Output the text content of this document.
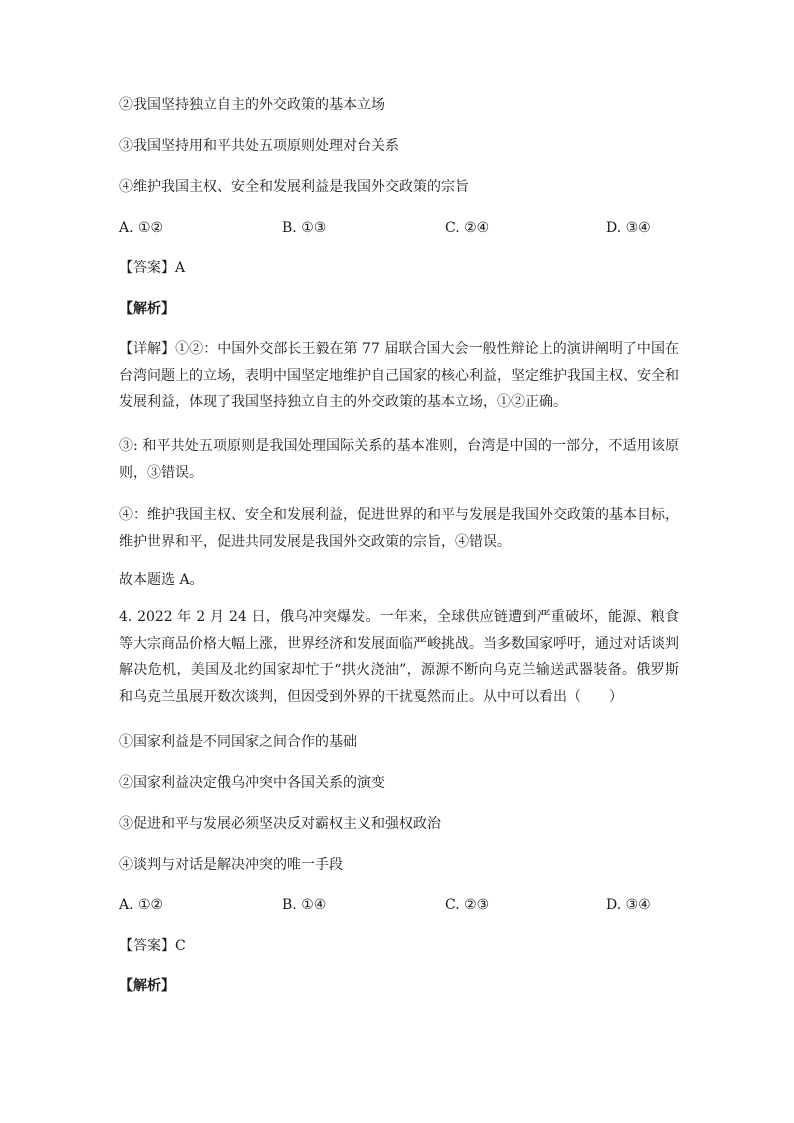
②我国坚持独立自主的外交政策的基本立场
③我国坚持用和平共处五项原则处理对台关系
④维护我国主权、安全和发展利益是我国外交政策的宗旨
A. ①②	B. ①③	C. ②④	D. ③④
【答案】A
【解析】
【详解】①②：中国外交部长王毅在第 77 届联合国大会一般性辩论上的演讲阐明了中国在台湾问题上的立场，表明中国坚定地维护自己国家的核心利益，坚定维护我国主权、安全和发展利益，体现了我国坚持独立自主的外交政策的基本立场，①②正确。
③: 和平共处五项原则是我国处理国际关系的基本准则，台湾是中国的一部分，不适用该原则，③错误。
④：维护我国主权、安全和发展利益，促进世界的和平与发展是我国外交政策的基本目标，维护世界和平，促进共同发展是我国外交政策的宗旨，④错误。
故本题选 A。
4. 2022 年 2 月 24 日，俄乌冲突爆发。一年来，全球供应链遭到严重破坏，能源、粮食等大宗商品价格大幅上涨，世界经济和发展面临严峻挑战。当多数国家呼吁，通过对话谈判解决危机，美国及北约国家却忙于“拱火浇油”，源源不断向乌克兰输送武器装备。俄罗斯和乌克兰虽展开数次谈判，但因受到外界的干扰戛然而止。从中可以看出（　　）
①国家利益是不同国家之间合作的基础
②国家利益决定俄乌冲突中各国关系的演变
③促进和平与发展必须坚决反对霸权主义和强权政治
④谈判与对话是解决冲突的唯一手段
A. ①②	B. ①④	C. ②③	D. ③④
【答案】C
【解析】
